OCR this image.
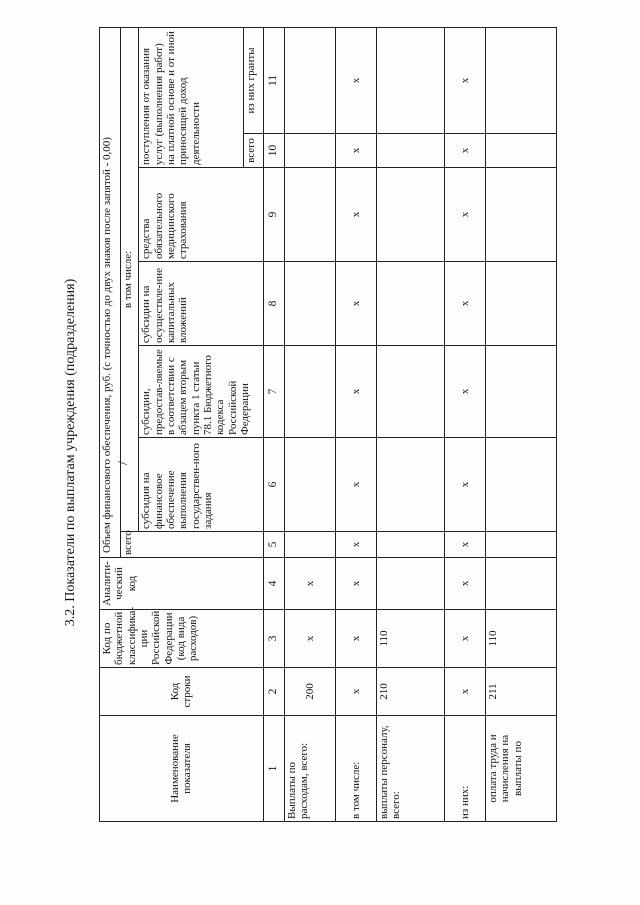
3.2. Показатели по выплатам учреждения (подразделения)	/
Наименование показателя	Код строки	Код по бюджетной классифика-ции Российской Федерации (код вида расходов)	Аналити-ческий код	Объем финансового обеспечения, руб. (с точностью до двух знаков после запятой - 0,00)						
				всего	в том числе:					
					субсидия на финансовое обеспечение выполнения государствен-ного задания	субсидии, предостав-ляемые в соответствии с абзацем вторым пункта 1 статьи 78.1 Бюджетного кодекса Российской Федерации	субсидии на осуществле-ние капитальных вложений	средства обязательного медицинского страхования	поступления от оказания услуг (выполнения работ) на платной основе и от иной приносящей доход деятельности	
									всего	из них гранты
1	2	3	4	5	6	7	8	9	10	11
Выплаты по расходам, всего:	200	x	x							
в том числе:	x	x	x	x	x	x	x	x	x	x
выплаты персоналу, всего:	210	110								
из них:	x	x	x	x	x	x	x	x	x	x
оплата труда и начисления на выплаты по	211	110								
